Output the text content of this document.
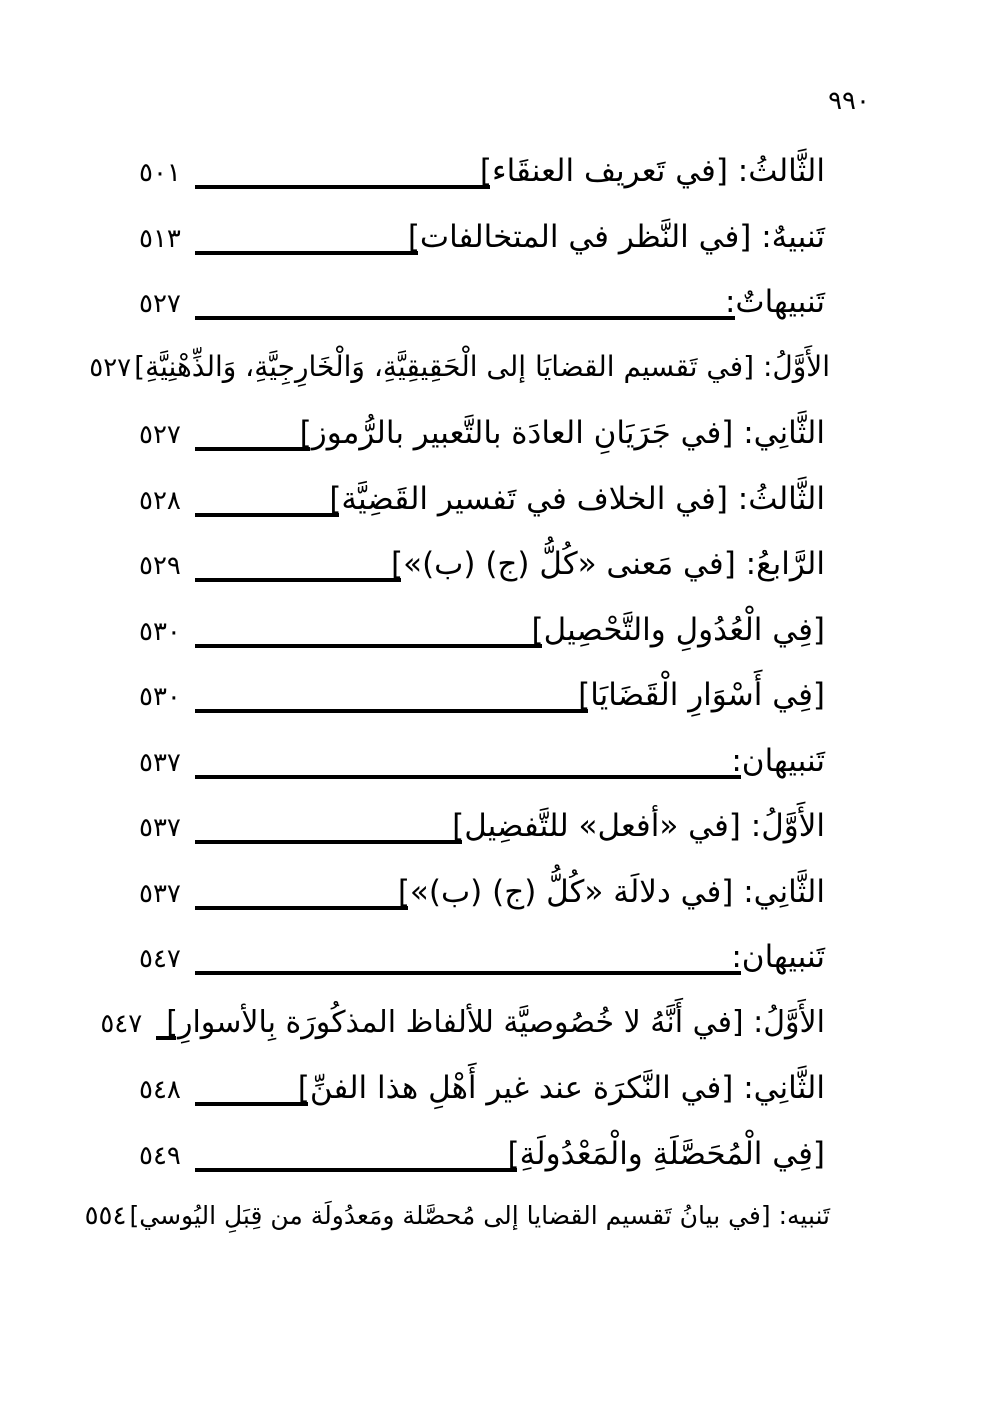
٩٩٠
الثَّالثُ: [في تَعريف العنقَاء]
٥٠١
تَنبيهٌ: [في النَّظر في المتخالفات]
٥١٣
تَنبيهاتٌ:
٥٢٧
الأَوَّلُ: [في تَقسيم القضايَا إلى الْحَقِيقِيَّةِ، وَالْخَارِجِيَّةِ، وَالذِّهْنِيَّةِ]
٥٢٧
الثَّانِي: [في جَرَيَانِ العادَة بالتَّعبير بالرُّموز]
٥٢٧
الثَّالثُ: [في الخلاف في تَفسير القَضِيَّة]
٥٢٨
الرَّابعُ: [في مَعنى «كُلُّ (ج) (ب)»]
٥٢٩
[فِي الْعُدُولِ والتَّحْصِيل]
٥٣٠
[فِي أَسْوَارِ الْقَضَايَا]
٥٣٠
تَنبيهان:
٥٣٧
الأَوَّلُ: [في «أفعل» للتَّفضِيل]
٥٣٧
الثَّانِي: [في دلالَة «كُلُّ (ج) (ب)»]
٥٣٧
تَنبيهان:
٥٤٧
الأَوَّلُ: [في أَنَّهُ لا خُصُوصيَّة للألفاظ المذكُورَة بِالأسوارِ]
٥٤٧
الثَّانِي: [في النَّكرَة عند غير أَهْلِ هذا الفنِّ]
٥٤٨
[فِي الْمُحَصَّلَةِ والْمَعْدُولَةِ]
٥٤٩
تَنبيه: [في بيانُ تَقسيم القضايا إلى مُحصَّلة ومَعدُولَة من قِبَلِ اليُوسي]
٥٥٤
